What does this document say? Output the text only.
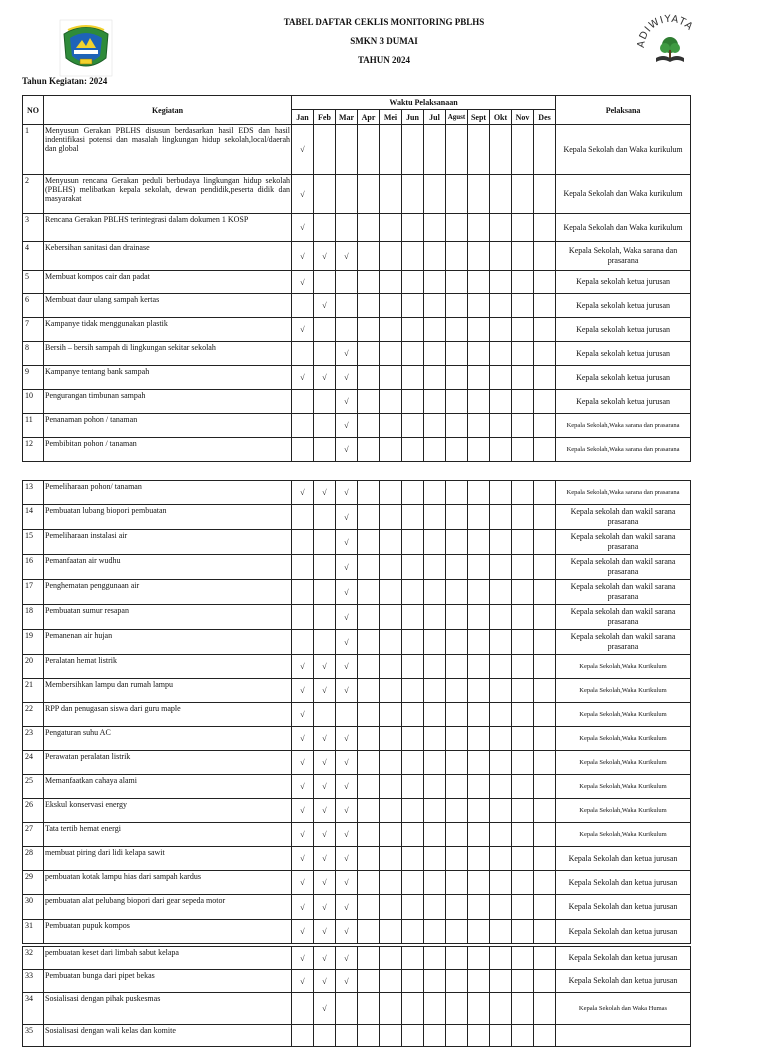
ADIWIYATA
TABEL DAFTAR CEKLIS MONITORING PBLHS
SMKN 3 DUMAI
TAHUN 2024
Tahun Kegiatan: 2024
NO	Kegiatan	Waktu Pelaksanaan												Pelaksana
		Jan	Feb	Mar	Apr	Mei	Jun	Jul	Agust	Sept	Okt	Nov	Des	
1	Menyusun Gerakan PBLHS disusun berdasarkan hasil EDS dan hasil indentifikasi potensi dan masalah lingkungan hidup sekolah,local/daerah dan global	√												Kepala Sekolah dan Waka kurikulum
2	Menyusun rencana Gerakan peduli berbudaya lingkungan hidup sekolah (PBLHS) melibatkan kepala sekolah, dewan pendidik,peserta didik dan masyarakat	√												Kepala Sekolah dan Waka kurikulum
3	Rencana Gerakan PBLHS terintegrasi dalam dokumen 1 KOSP	√												Kepala Sekolah dan Waka kurikulum
4	Kebersihan sanitasi dan drainase	√	√	√										Kepala Sekolah, Waka sarana dan prasarana
5	Membuat kompos cair dan padat	√												Kepala sekolah ketua jurusan
6	Membuat daur ulang sampah kertas		√											Kepala sekolah ketua jurusan
7	Kampanye tidak menggunakan plastik	√												Kepala sekolah ketua jurusan
8	Bersih – bersih sampah di lingkungan sekitar sekolah			√										Kepala sekolah ketua jurusan
9	Kampanye tentang bank sampah	√	√	√										Kepala sekolah ketua jurusan
10	Pengurangan timbunan sampah			√										Kepala sekolah ketua jurusan
11	Penanaman pohon / tanaman			√										Kepala Sekolah,Waka sarana dan prasarana
12	Pembibitan pohon / tanaman			√										Kepala Sekolah,Waka sarana dan prasarana
13	Pemeliharaan pohon/ tanaman	√	√	√										Kepala Sekolah,Waka sarana dan prasarana
14	Pembuatan lubang biopori pembuatan			√										Kepala sekolah dan wakil sarana prasarana
15	Pemeliharaan instalasi air			√										Kepala sekolah dan wakil sarana prasarana
16	Pemanfaatan air wudhu			√										Kepala sekolah dan wakil sarana prasarana
17	Penghematan penggunaan air			√										Kepala sekolah dan wakil sarana prasarana
18	Pembuatan sumur resapan			√										Kepala sekolah dan wakil sarana prasarana
19	Pemanenan air hujan			√										Kepala sekolah dan wakil sarana prasarana
20	Peralatan hemat listrik	√	√	√										Kepala Sekolah,Waka Kurikulum
21	Membersihkan lampu dan rumah lampu	√	√	√										Kepala Sekolah,Waka Kurikulum
22	RPP dan penugasan siswa dari guru maple	√												Kepala Sekolah,Waka Kurikulum
23	Pengaturan suhu AC	√	√	√										Kepala Sekolah,Waka Kurikulum
24	Perawatan peralatan listrik	√	√	√										Kepala Sekolah,Waka Kurikulum
25	Memanfaatkan cahaya alami	√	√	√										Kepala Sekolah,Waka Kurikulum
26	Ekskul konservasi energy	√	√	√										Kepala Sekolah,Waka Kurikulum
27	Tata tertib hemat energi	√	√	√										Kepala Sekolah,Waka Kurikulum
28	membuat piring dari lidi kelapa sawit	√	√	√										Kepala Sekolah dan ketua jurusan
29	pembuatan kotak lampu hias dari sampah kardus	√	√	√										Kepala Sekolah dan ketua jurusan
30	pembuatan alat pelubang biopori dari gear sepeda motor	√	√	√										Kepala Sekolah dan ketua jurusan
31	Pembuatan pupuk kompos	√	√	√										Kepala Sekolah dan ketua jurusan
32	pembuatan keset dari limbah sabut kelapa	√	√	√										Kepala Sekolah dan ketua jurusan
33	Pembuatan bunga dari pipet bekas	√	√	√										Kepala Sekolah dan ketua jurusan
34	Sosialisasi dengan pihak puskesmas		√											Kepala Sekolah dan Waka Humas
35	Sosialisasi dengan wali kelas dan komite													
